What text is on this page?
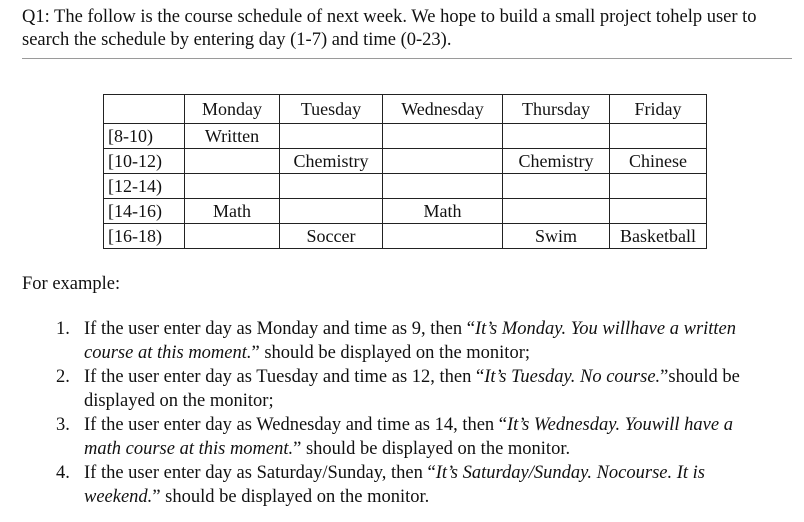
Q1: The follow is the course schedule of next week. We hope to build a small project tohelp user to search the schedule by entering day (1-7) and time (0-23).

	Monday	Tuesday	Wednesday	Thursday	Friday
[8-10)	Written				
[10-12)		Chemistry		Chemistry	Chinese
[12-14)					
[14-16)	Math		Math		
[16-18)		Soccer		Swim	Basketball

For example:

1. If the user enter day as Monday and time as 9, then “It’s Monday. You willhave a written course at this moment.” should be displayed on the monitor;
2. If the user enter day as Tuesday and time as 12, then “It’s Tuesday. No course.”should be displayed on the monitor;
3. If the user enter day as Wednesday and time as 14, then “It’s Wednesday. Youwill have a math course at this moment.” should be displayed on the monitor.
4. If the user enter day as Saturday/Sunday, then “It’s Saturday/Sunday. Nocourse. It is weekend.” should be displayed on the monitor.
